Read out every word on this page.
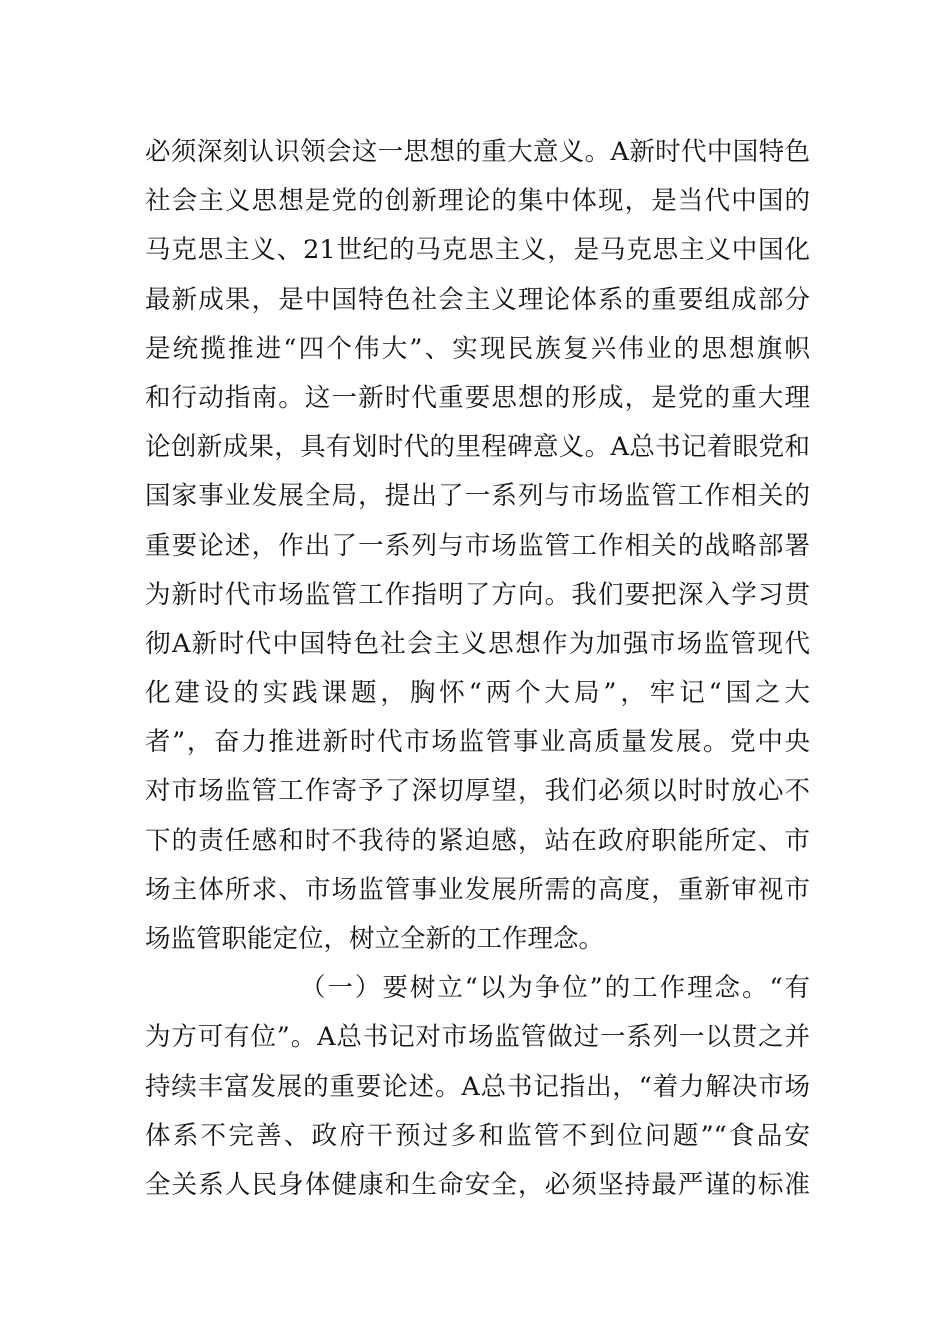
必须深刻认识领会这一思想的重大意义。A新时代中国特色
社会主义思想是党的创新理论的集中体现，是当代中国的
马克思主义、21世纪的马克思主义，是马克思主义中国化
最新成果，是中国特色社会主义理论体系的重要组成部分
是统揽推进“四个伟大”、实现民族复兴伟业的思想旗帜
和行动指南。这一新时代重要思想的形成，是党的重大理
论创新成果，具有划时代的里程碑意义。A总书记着眼党和
国家事业发展全局，提出了一系列与市场监管工作相关的
重要论述，作出了一系列与市场监管工作相关的战略部署
为新时代市场监管工作指明了方向。我们要把深入学习贯
彻A新时代中国特色社会主义思想作为加强市场监管现代
化建设的实践课题，胸怀“两个大局”，牢记“国之大
者”，奋力推进新时代市场监管事业高质量发展。党中央
对市场监管工作寄予了深切厚望，我们必须以时时放心不
下的责任感和时不我待的紧迫感，站在政府职能所定、市
场主体所求、市场监管事业发展所需的高度，重新审视市
场监管职能定位，树立全新的工作理念。
（一）要树立“以为争位”的工作理念。“有
为方可有位”。A总书记对市场监管做过一系列一以贯之并
持续丰富发展的重要论述。A总书记指出，“着力解决市场
体系不完善、政府干预过多和监管不到位问题”“食品安
全关系人民身体健康和生命安全，必须坚持最严谨的标准
